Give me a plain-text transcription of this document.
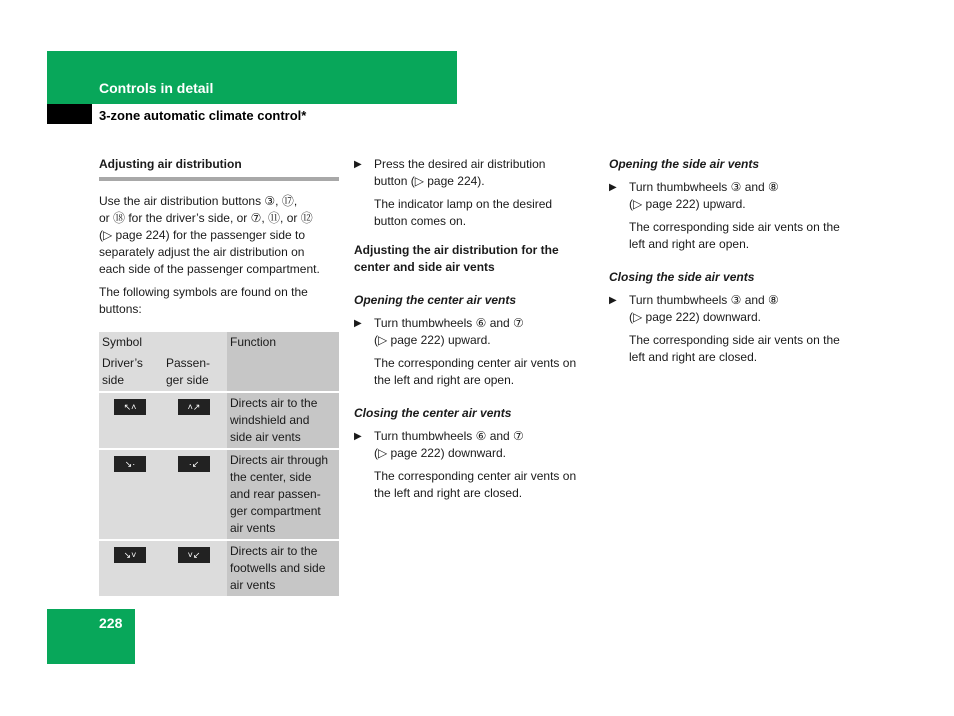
Controls in detail
3-zone automatic climate control*
Adjusting air distribution

Use the air distribution buttons ③, ⑰,
or ⑱ for the driver’s side, or ⑦, ⑪, or ⑫
(▷ page 224) for the passenger side to
separately adjust the air distribution on
each side of the passenger compartment.

The following symbols are found on the
buttons:

Symbol		Function
Driver’s
side	Passen-
ger side	
↖˄	˄↗	Directs air to the
windshield and
side air vents
↘·	·↙	Directs air through
the center, side
and rear passen-
ger compartment
air vents
↘˅	˅↙	Directs air to the
footwells and side
air vents
▶	Press the desired air distribution
button (▷ page 224).

The indicator lamp on the desired
button comes on.

Adjusting the air distribution for the
center and side air vents

Opening the center air vents

▶	Turn thumbwheels ⑥ and ⑦
(▷ page 222) upward.

The corresponding center air vents on
the left and right are open.

Closing the center air vents

▶	Turn thumbwheels ⑥ and ⑦
(▷ page 222) downward.

The corresponding center air vents on
the left and right are closed.

Opening the side air vents

▶	Turn thumbwheels ③ and ⑧
(▷ page 222) upward.

The corresponding side air vents on the
left and right are open.

Closing the side air vents

▶	Turn thumbwheels ③ and ⑧
(▷ page 222) downward.

The corresponding side air vents on the
left and right are closed.

228
